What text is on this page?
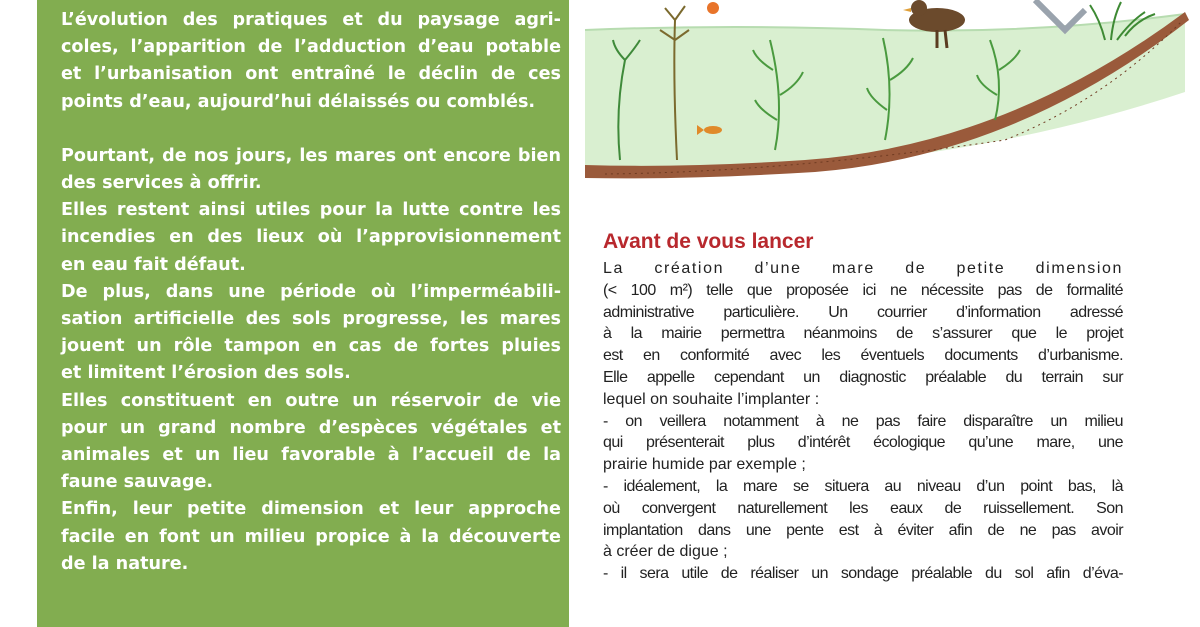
L’évolution des pratiques et du paysage agri-
coles, l’apparition de l’adduction d’eau potable
et l’urbanisation ont entraîné le déclin de ces
points d’eau, aujourd’hui délaissés ou comblés.

Pourtant, de nos jours, les mares ont encore bien
des services à offrir.

Elles restent ainsi utiles pour la lutte contre les
incendies en des lieux où l’approvisionnement
en eau fait défaut.

De plus, dans une période où l’imperméabili-
sation artificielle des sols progresse, les mares
jouent un rôle tampon en cas de fortes pluies
et limitent l’érosion des sols.

Elles constituent en outre un réservoir de vie
pour un grand nombre d’espèces végétales et
animales et un lieu favorable à l’accueil de la
faune sauvage.

Enfin, leur petite dimension et leur approche
facile en font un milieu propice à la découverte
de la nature.

Avant de vous lancer
La création d’une mare de petite dimension
(< 100 m²) telle que proposée ici ne nécessite pas de formalité
administrative particulière. Un courrier d’information adressé
à la mairie permettra néanmoins de s’assurer que le projet
est en conformité avec les éventuels documents d’urbanisme.
Elle appelle cependant un diagnostic préalable du terrain sur
lequel on souhaite l’implanter :
- on veillera notamment à ne pas faire disparaître un milieu
qui présenterait plus d’intérêt écologique qu’une mare, une
prairie humide par exemple ;
- idéalement, la mare se situera au niveau d’un point bas, là
où convergent naturellement les eaux de ruissellement. Son
implantation dans une pente est à éviter afin de ne pas avoir
à créer de digue ;
- il sera utile de réaliser un sondage préalable du sol afin d’éva-
